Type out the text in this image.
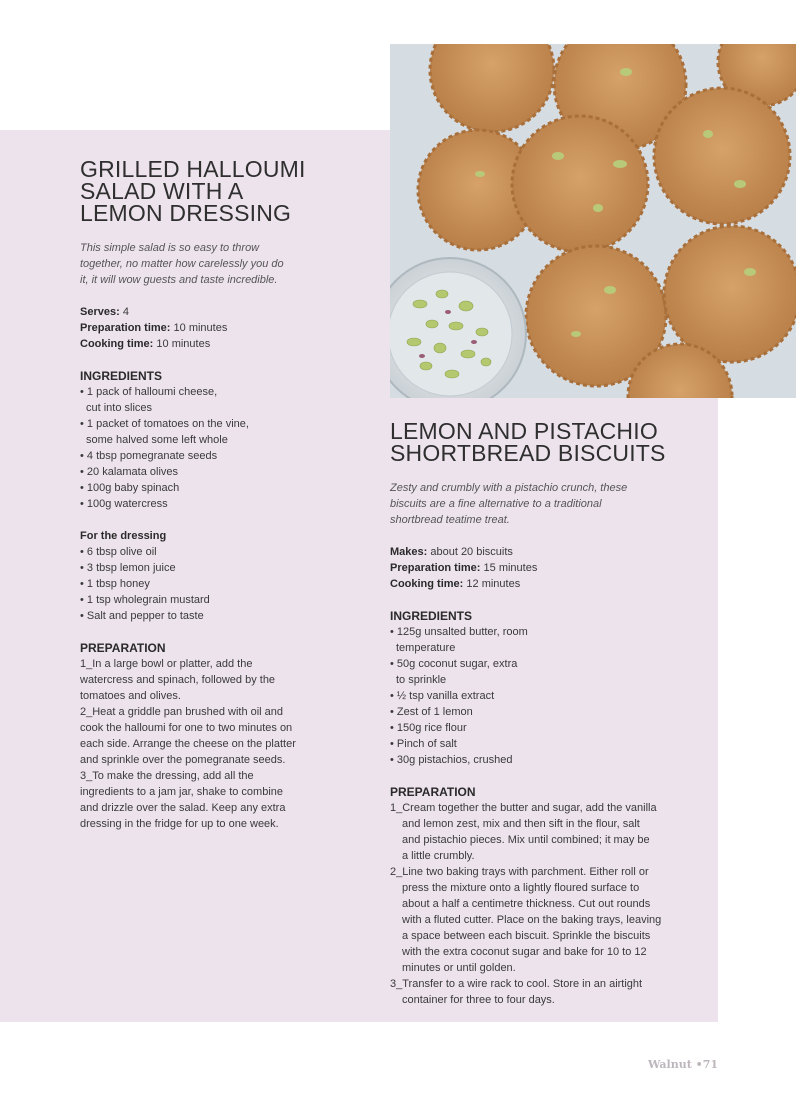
GRILLED HALLOUMI
SALAD WITH A
LEMON DRESSING

This simple salad is so easy to throw
together, no matter how carelessly you do
it, it will wow guests and taste incredible.

Serves: 4
Preparation time: 10 minutes
Cooking time: 10 minutes
INGREDIENTS
• 1 pack of halloumi cheese,
cut into slices
• 1 packet of tomatoes on the vine,
some halved some left whole
• 4 tbsp pomegranate seeds
• 20 kalamata olives
• 100g baby spinach
• 100g watercress
For the dressing
• 6 tbsp olive oil
• 3 tbsp lemon juice
• 1 tbsp honey
• 1 tsp wholegrain mustard
• Salt and pepper to taste
PREPARATION
1_In a large bowl or platter, add the
watercress and spinach, followed by the
tomatoes and olives.
2_Heat a griddle pan brushed with oil and
cook the halloumi for one to two minutes on
each side. Arrange the cheese on the platter
and sprinkle over the pomegranate seeds.
3_To make the dressing, add all the
ingredients to a jam jar, shake to combine
and drizzle over the salad. Keep any extra
dressing in the fridge for up to one week.
LEMON AND PISTACHIO
SHORTBREAD BISCUITS

Zesty and crumbly with a pistachio crunch, these
biscuits are a fine alternative to a traditional
shortbread teatime treat.

Makes: about 20 biscuits
Preparation time: 15 minutes
Cooking time: 12 minutes
INGREDIENTS
• 125g unsalted butter, room
temperature
• 50g coconut sugar, extra
to sprinkle
• ½ tsp vanilla extract
• Zest of 1 lemon
• 150g rice flour
• Pinch of salt
• 30g pistachios, crushed
PREPARATION
1_Cream together the butter and sugar, add the vanilla
and lemon zest, mix and then sift in the flour, salt
and pistachio pieces. Mix until combined; it may be
a little crumbly.
2_Line two baking trays with parchment. Either roll or
press the mixture onto a lightly floured surface to
about a half a centimetre thickness. Cut out rounds
with a fluted cutter. Place on the baking trays, leaving
a space between each biscuit. Sprinkle the biscuits
with the extra coconut sugar and bake for 10 to 12
minutes or until golden.
3_Transfer to a wire rack to cool. Store in an airtight
container for three to four days.
Walnut •71
